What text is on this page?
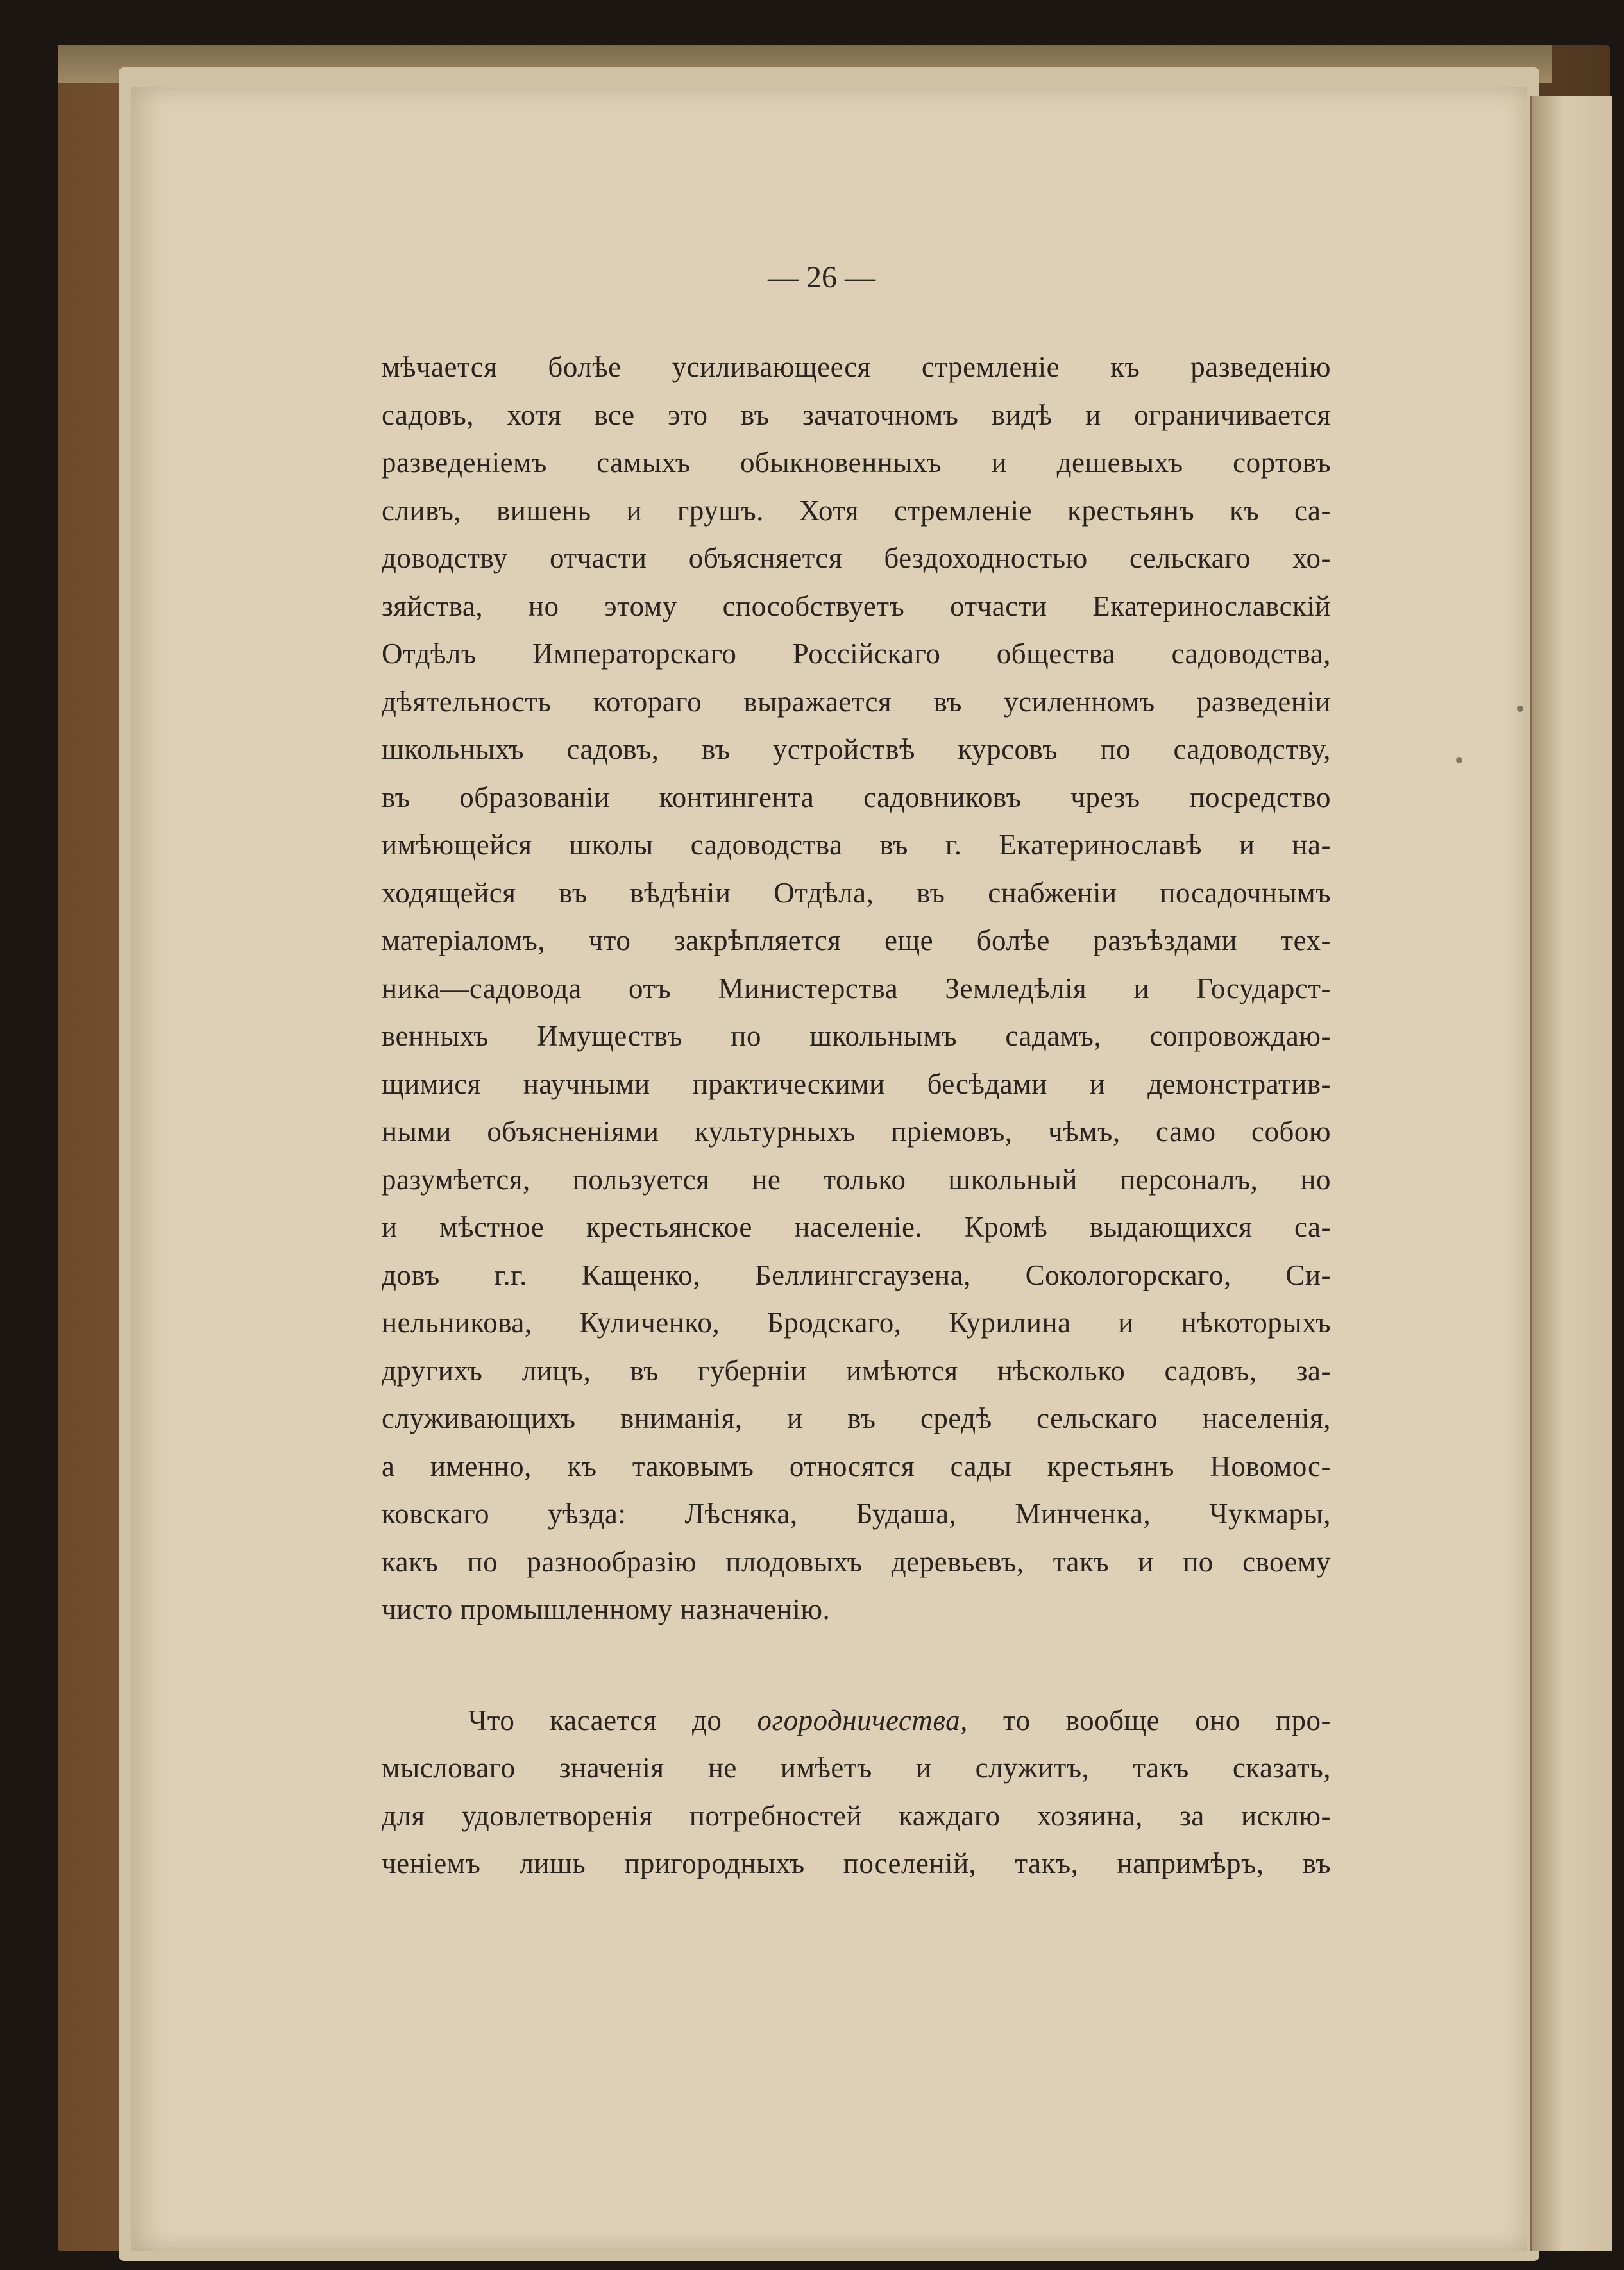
— 26 —
мѣчается болѣе усиливающееся стремленіе къ разведенію
садовъ, хотя все это въ зачаточномъ видѣ и ограничивается
разведеніемъ самыхъ обыкновенныхъ и дешевыхъ сортовъ
сливъ, вишень и грушъ. Хотя стремленіе крестьянъ къ са-
доводству отчасти объясняется бездоходностью сельскаго хо-
зяйства, но этому способствуетъ отчасти Екатеринославскій
Отдѣлъ Императорскаго Россійскаго общества садоводства,
дѣятельность котораго выражается въ усиленномъ разведеніи
школьныхъ садовъ, въ устройствѣ курсовъ по садоводству,
въ образованіи контингента садовниковъ чрезъ посредство
имѣющейся школы садоводства въ г. Екатеринославѣ и на-
ходящейся въ вѣдѣніи Отдѣла, въ снабженіи посадочнымъ
матеріаломъ, что закрѣпляется еще болѣе разъѣздами тех-
ника—садовода отъ Министерства Земледѣлія и Государст-
венныхъ Имуществъ по школьнымъ садамъ, сопровождаю-
щимися научными практическими бесѣдами и демонстратив-
ными объясненіями культурныхъ пріемовъ, чѣмъ, само собою
разумѣется, пользуется не только школьный персоналъ, но
и мѣстное крестьянское населеніе. Кромѣ выдающихся са-
довъ г.г. Кащенко, Беллингсгаузена, Сокологорскаго, Си-
нельникова, Куличенко, Бродскаго, Курилина и нѣкоторыхъ
другихъ лицъ, въ губерніи имѣются нѣсколько садовъ, за-
служивающихъ вниманія, и въ средѣ сельскаго населенія,
а именно, къ таковымъ относятся сады крестьянъ Новомос-
ковскаго уѣзда: Лѣсняка, Будаша, Минченка, Чукмары,
какъ по разнообразію плодовыхъ деревьевъ, такъ и по своему
чисто промышленному назначенію.
Что касается до огородничества, то вообще оно про-
мысловаго значенія не имѣетъ и служитъ, такъ сказать,
для удовлетворенія потребностей каждаго хозяина, за исклю-
ченіемъ лишь пригородныхъ поселеній, такъ, напримѣръ, въ
